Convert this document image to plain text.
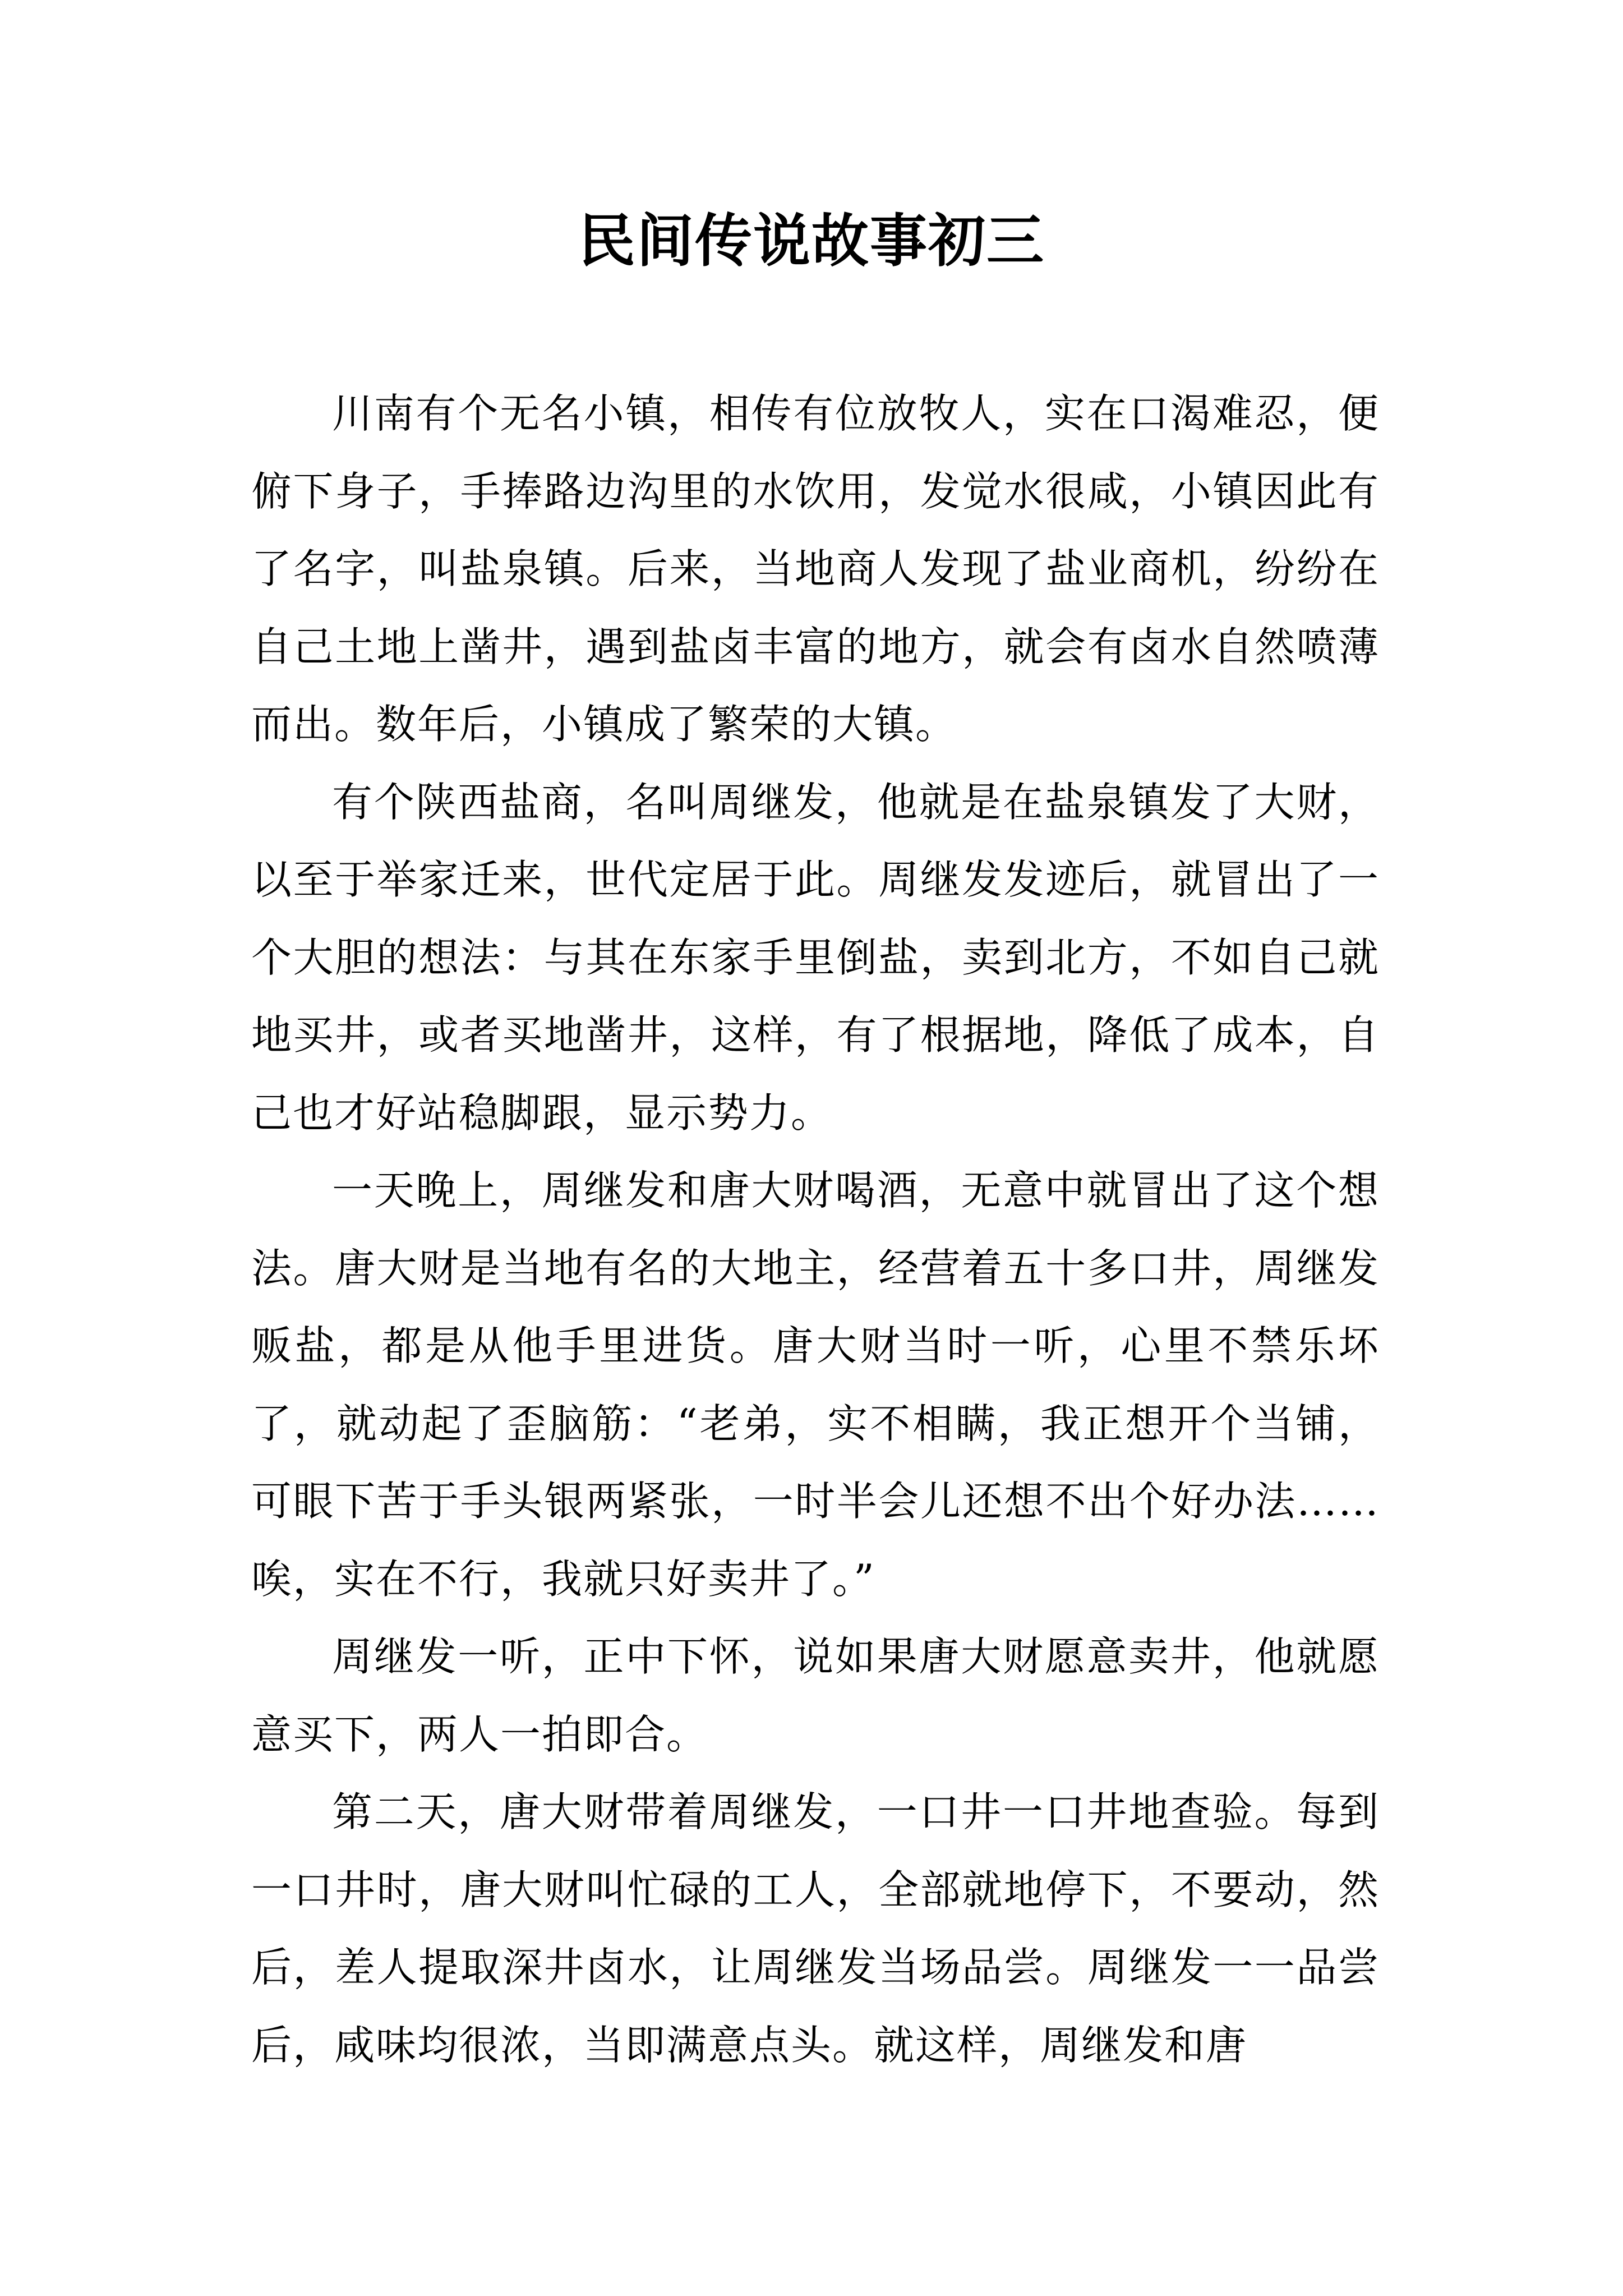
民间传说故事初三

川南有个无名小镇，相传有位放牧人，实在口渴难忍，便俯下身子，手捧路边沟里的水饮用，发觉水很咸，小镇因此有了名字，叫盐泉镇。后来，当地商人发现了盐业商机，纷纷在自己土地上凿井，遇到盐卤丰富的地方，就会有卤水自然喷薄而出。数年后，小镇成了繁荣的大镇。

有个陕西盐商，名叫周继发，他就是在盐泉镇发了大财，以至于举家迁来，世代定居于此。周继发发迹后，就冒出了一个大胆的想法：与其在东家手里倒盐，卖到北方，不如自己就地买井，或者买地凿井，这样，有了根据地，降低了成本，自己也才好站稳脚跟，显示势力。

一天晚上，周继发和唐大财喝酒，无意中就冒出了这个想法。唐大财是当地有名的大地主，经营着五十多口井，周继发贩盐，都是从他手里进货。唐大财当时一听，心里不禁乐坏了，就动起了歪脑筋：“老弟，实不相瞒，我正想开个当铺，可眼下苦于手头银两紧张，一时半会儿还想不出个好办法……唉，实在不行，我就只好卖井了。”

周继发一听，正中下怀，说如果唐大财愿意卖井，他就愿意买下，两人一拍即合。

第二天，唐大财带着周继发，一口井一口井地查验。每到一口井时，唐大财叫忙碌的工人，全部就地停下，不要动，然后，差人提取深井卤水，让周继发当场品尝。周继发一一品尝后，咸味均很浓，当即满意点头。就这样，周继发和唐
